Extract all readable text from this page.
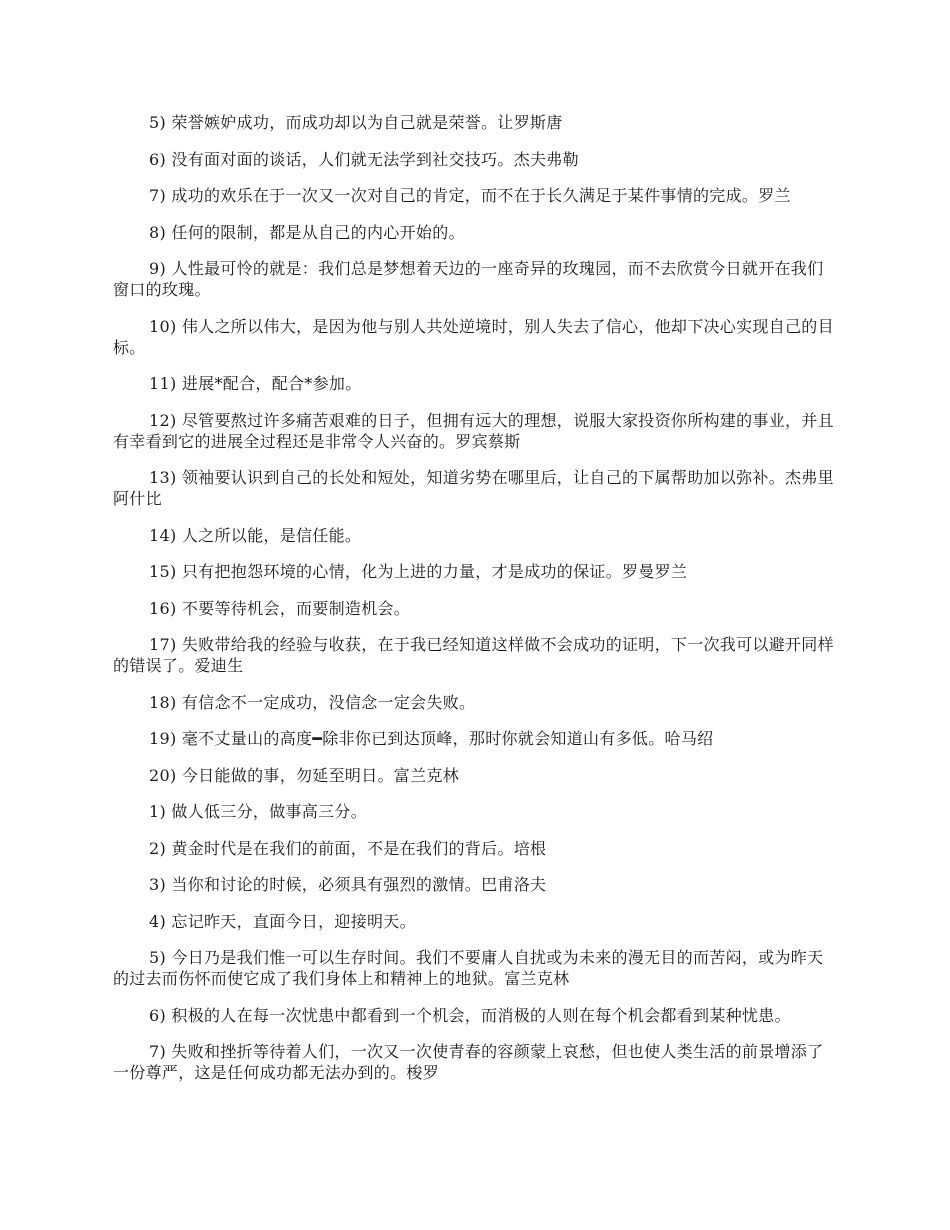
5) 荣誉嫉妒成功，而成功却以为自己就是荣誉。让罗斯唐

6) 没有面对面的谈话，人们就无法学到社交技巧。杰夫弗勒

7) 成功的欢乐在于一次又一次对自己的肯定，而不在于长久满足于某件事情的完成。罗兰

8) 任何的限制，都是从自己的内心开始的。

9) 人性最可怜的就是：我们总是梦想着天边的一座奇异的玫瑰园，而不去欣赏今日就开在我们窗口的玫瑰。

10) 伟人之所以伟大，是因为他与别人共处逆境时，别人失去了信心，他却下决心实现自己的目标。

11) 进展*配合，配合*参加。

12) 尽管要熬过许多痛苦艰难的日子，但拥有远大的理想，说服大家投资你所构建的事业，并且有幸看到它的进展全过程还是非常令人兴奋的。罗宾蔡斯

13) 领袖要认识到自己的长处和短处，知道劣势在哪里后，让自己的下属帮助加以弥补。杰弗里阿什比

14) 人之所以能，是信任能。

15) 只有把抱怨环境的心情，化为上进的力量，才是成功的保证。罗曼罗兰

16) 不要等待机会，而要制造机会。

17) 失败带给我的经验与收获，在于我已经知道这样做不会成功的证明，下一次我可以避开同样的错误了。爱迪生

18) 有信念不一定成功，没信念一定会失败。

19) 毫不丈量山的高度━除非你已到达顶峰，那时你就会知道山有多低。哈马绍

20) 今日能做的事，勿延至明日。富兰克林

1) 做人低三分，做事高三分。

2) 黄金时代是在我们的前面，不是在我们的背后。培根

3) 当你和讨论的时候，必须具有强烈的激情。巴甫洛夫

4) 忘记昨天，直面今日，迎接明天。

5) 今日乃是我们惟一可以生存时间。我们不要庸人自扰或为未来的漫无目的而苦闷，或为昨天的过去而伤怀而使它成了我们身体上和精神上的地狱。富兰克林

6) 积极的人在每一次忧患中都看到一个机会，而消极的人则在每个机会都看到某种忧患。

7) 失败和挫折等待着人们，一次又一次使青春的容颜蒙上哀愁，但也使人类生活的前景增添了一份尊严，这是任何成功都无法办到的。梭罗
